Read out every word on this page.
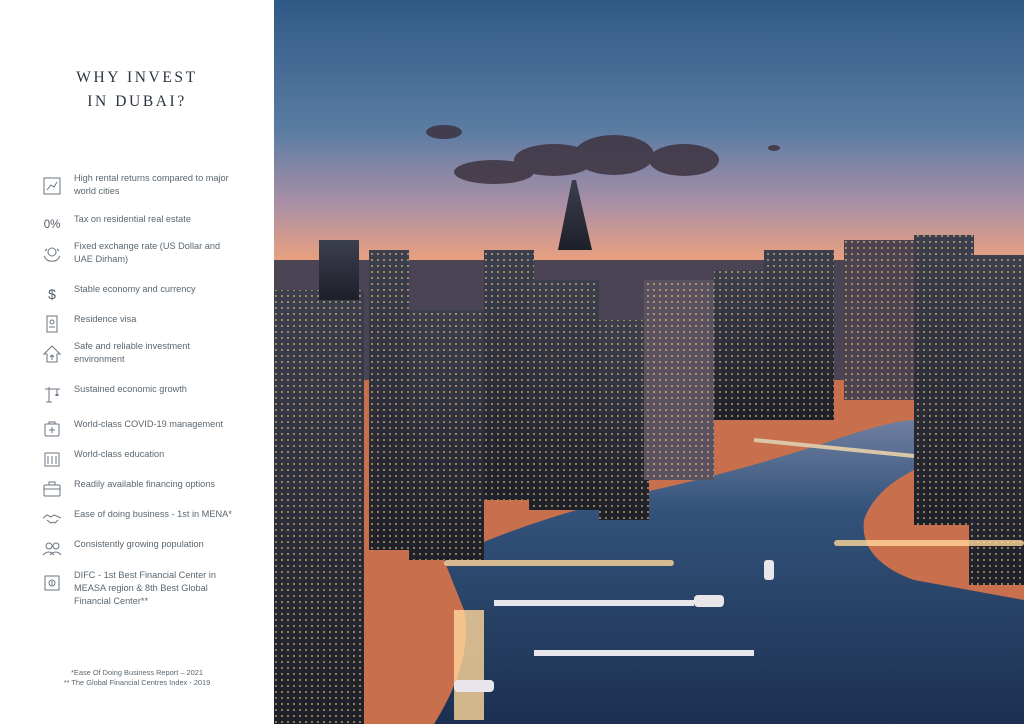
WHY INVEST
IN DUBAI?
High rental returns compared to major world cities
0% Tax on residential real estate
Fixed exchange rate (US Dollar and UAE Dirham)
$ Stable economy and currency
Residence visa
Safe and reliable investment environment
Sustained economic growth
World-class COVID-19 management
World-class education
Readily available financing options
Ease of doing business - 1st in MENA*
Consistently growing population
DIFC - 1st Best Financial Center in MEASA region & 8th Best Global Financial Center**
*Ease Of Doing Business Report – 2021
** The Global Financial Centres Index - 2019
